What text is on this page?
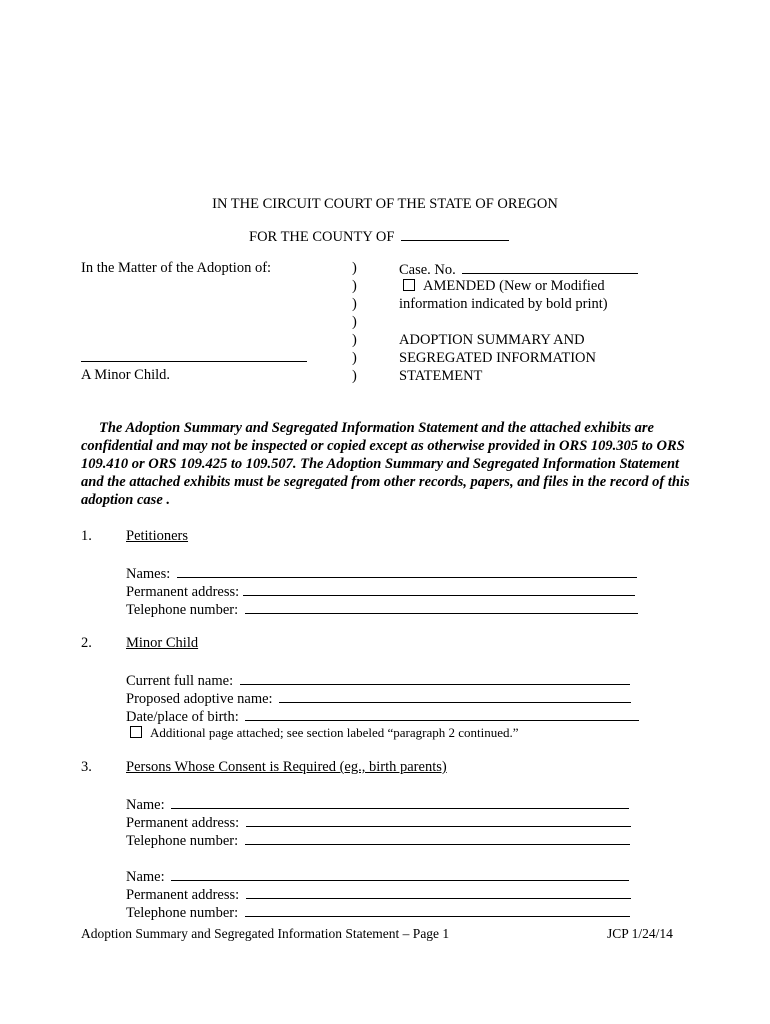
IN THE CIRCUIT COURT OF THE STATE OF OREGON
FOR THE COUNTY OF
In the Matter of the Adoption of:
A Minor Child.
)
)
)
)
)
)
)
Case. No.
AMENDED (New or Modified
information indicated by bold print)
ADOPTION SUMMARY AND
SEGREGATED INFORMATION
STATEMENT
The Adoption Summary and Segregated Information Statement and the attached exhibits are confidential and may not be inspected or copied except as otherwise provided in ORS 109.305 to ORS 109.410 or ORS 109.425 to 109.507. The Adoption Summary and Segregated Information Statement and the attached exhibits must be segregated from other records, papers, and files in the record of this adoption case .
1. Petitioners
Names:
Permanent address:
Telephone number:
2. Minor Child
Current full name:
Proposed adoptive name:
Date/place of birth:
Additional page attached; see section labeled “paragraph 2 continued.”
3. Persons Whose Consent is Required (eg., birth parents)
Name:
Permanent address:
Telephone number:
Name:
Permanent address:
Telephone number:
Adoption Summary and Segregated Information Statement – Page 1	JCP 1/24/14
